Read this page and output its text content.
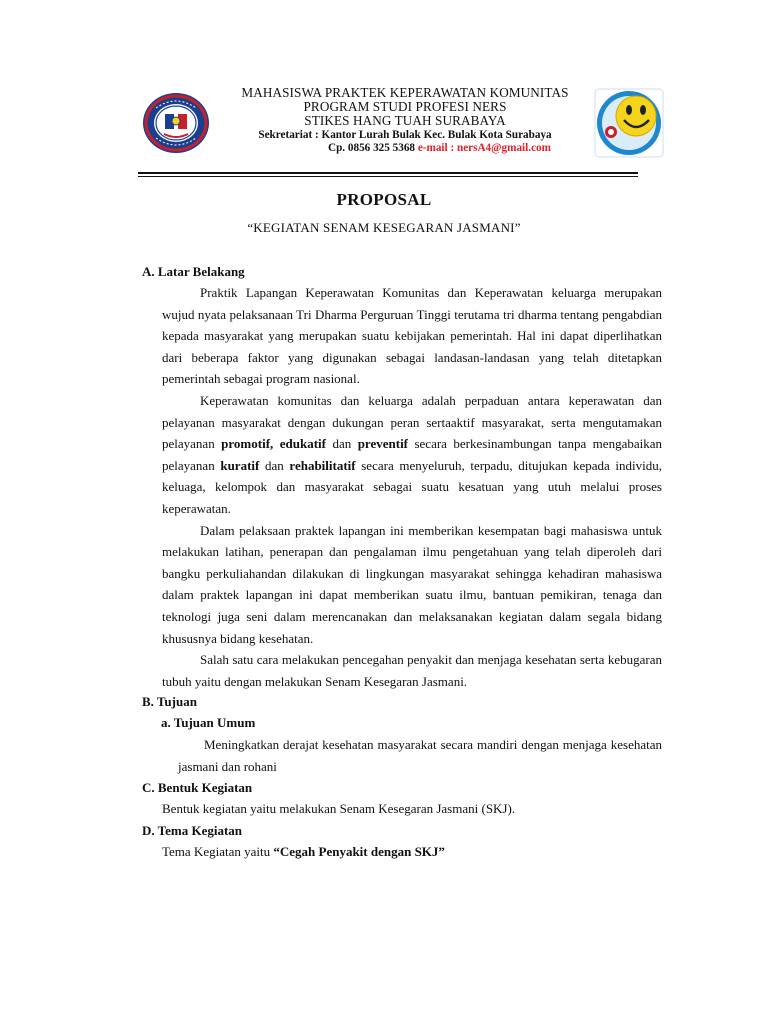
MAHASISWA PRAKTEK KEPERAWATAN KOMUNITAS
PROGRAM STUDI PROFESI NERS
STIKES HANG TUAH SURABAYA
Sekretariat : Kantor Lurah Bulak Kec. Bulak Kota Surabaya
Cp. 0856 325 5368 e-mail : nersA4@gmail.com
PROPOSAL
“KEGIATAN SENAM KESEGARAN JASMANI”
A. Latar Belakang

Praktik Lapangan Keperawatan Komunitas dan Keperawatan keluarga merupakan wujud nyata pelaksanaan Tri Dharma Perguruan Tinggi terutama tri dharma tentang pengabdian kepada masyarakat yang merupakan suatu kebijakan pemerintah. Hal ini dapat diperlihatkan dari beberapa faktor yang digunakan sebagai landasan-landasan yang telah ditetapkan pemerintah sebagai program nasional.

Keperawatan komunitas dan keluarga adalah perpaduan antara keperawatan dan pelayanan masyarakat dengan dukungan peran sertaaktif masyarakat, serta mengutamakan pelayanan promotif, edukatif dan preventif secara berkesinambungan tanpa mengabaikan pelayanan kuratif dan rehabilitatif secara menyeluruh, terpadu, ditujukan kepada individu, keluaga, kelompok dan masyarakat sebagai suatu kesatuan yang utuh melalui proses keperawatan.

Dalam pelaksaan praktek lapangan ini memberikan kesempatan bagi mahasiswa untuk melakukan latihan, penerapan dan pengalaman ilmu pengetahuan yang telah diperoleh dari bangku perkuliahandan dilakukan di lingkungan masyarakat sehingga kehadiran mahasiswa dalam praktek lapangan ini dapat memberikan suatu ilmu, bantuan pemikiran, tenaga dan teknologi juga seni dalam merencanakan dan melaksanakan kegiatan dalam segala bidang khususnya bidang kesehatan.

Salah satu cara melakukan pencegahan penyakit dan menjaga kesehatan serta kebugaran tubuh yaitu dengan melakukan Senam Kesegaran Jasmani.

B. Tujuan
a. Tujuan Umum

Meningkatkan derajat kesehatan masyarakat secara mandiri dengan menjaga kesehatan jasmani dan rohani

C. Bentuk Kegiatan

Bentuk kegiatan yaitu melakukan Senam Kesegaran Jasmani (SKJ).

D. Tema Kegiatan

Tema Kegiatan yaitu “Cegah Penyakit dengan SKJ”
